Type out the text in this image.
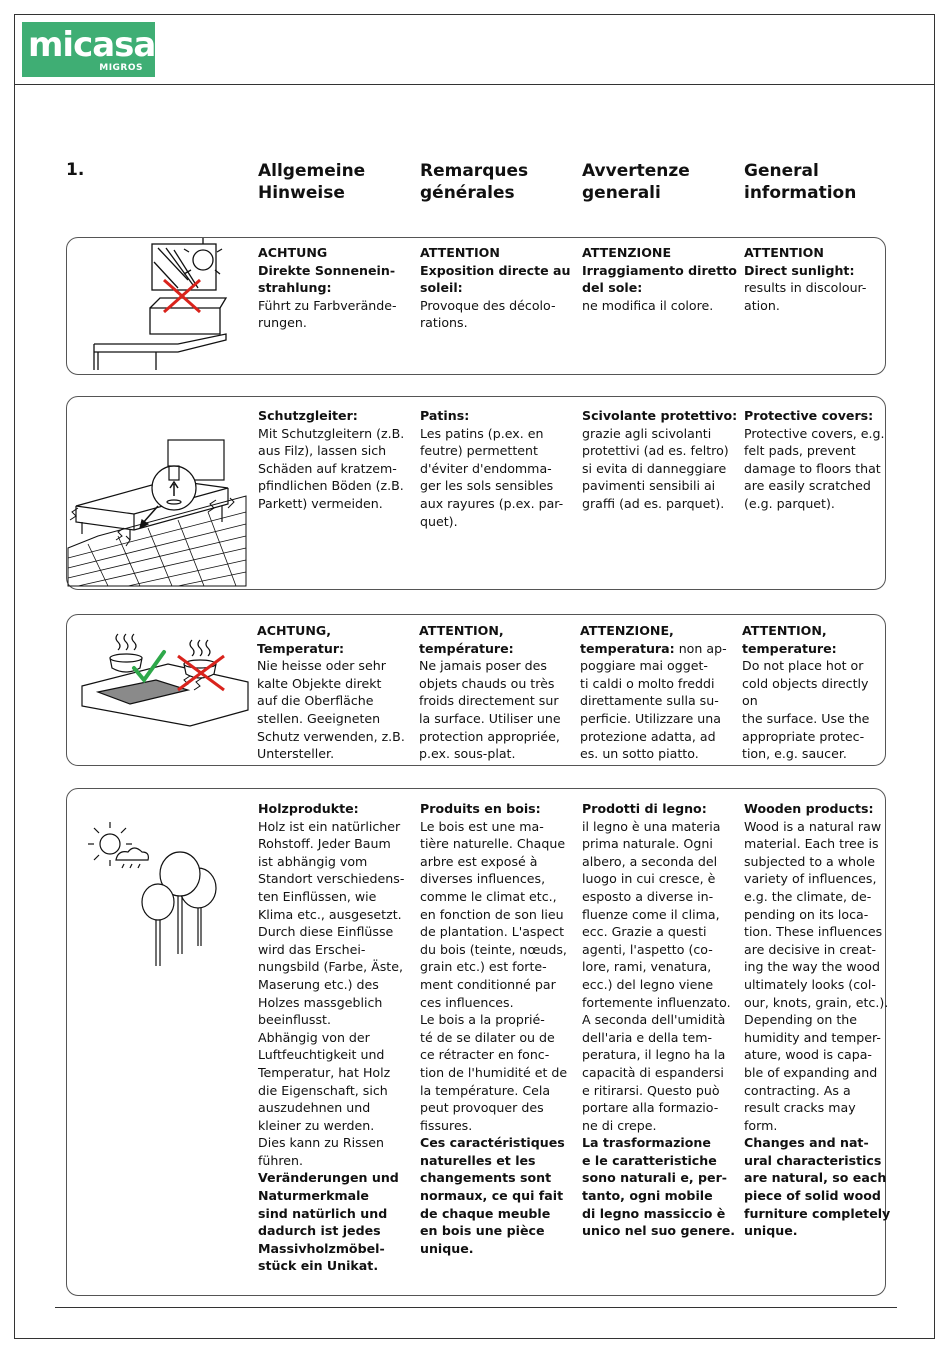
micasa
MIGROS
1.	Allgemeine
Hinweise
Remarques
générales
Avvertenze
generali
General
information
ACHTUNG
Direkte Sonnenein-
strahlung:
Führt zu Farbverände-
rungen.
ATTENTION
Exposition directe au
soleil:
Provoque des décolo-
rations.
ATTENZIONE
Irraggiamento diretto
del sole:
ne modifica il colore.
ATTENTION
Direct sunlight:
results in discolour-
ation.
Schutzgleiter:
Mit Schutzgleitern (z.B.
aus Filz), lassen sich
Schäden auf kratzem-
pfindlichen Böden (z.B.
Parkett) vermeiden.
Patins:
Les patins (p.ex. en
feutre) permettent
d'éviter d'endomma-
ger les sols sensibles
aux rayures (p.ex. par-
quet).
Scivolante protettivo:
grazie agli scivolanti
protettivi (ad es. feltro)
si evita di danneggiare
pavimenti sensibili ai
graffi (ad es. parquet).
Protective covers:
Protective covers, e.g.
felt pads, prevent
damage to floors that
are easily scratched
(e.g. parquet).
ACHTUNG,
Temperatur:
Nie heisse oder sehr
kalte Objekte direkt
auf die Oberfläche
stellen. Geeigneten
Schutz verwenden, z.B.
Untersteller.
ATTENTION,
température:
Ne jamais poser des
objets chauds ou très
froids directement sur
la surface. Utiliser une
protection appropriée,
p.ex. sous-plat.
ATTENZIONE,
temperatura: non ap-
poggiare mai ogget-
ti caldi o molto freddi
direttamente sulla su-
perficie. Utilizzare una
protezione adatta, ad
es. un sotto piatto.
ATTENTION,
temperature:
Do not place hot or
cold objects directly on
the surface. Use the
appropriate protec-
tion, e.g. saucer.
Holzprodukte:
Holz ist ein natürlicher
Rohstoff. Jeder Baum
ist abhängig vom
Standort verschiedens-
ten Einflüssen, wie
Klima etc., ausgesetzt.
Durch diese Einflüsse
wird das Erschei-
nungsbild (Farbe, Äste,
Maserung etc.) des
Holzes massgeblich
beeinflusst.
Abhängig von der
Luftfeuchtigkeit und
Temperatur, hat Holz
die Eigenschaft, sich
auszudehnen und
kleiner zu werden.
Dies kann zu Rissen
führen.
Veränderungen und
Naturmerkmale
sind natürlich und
dadurch ist jedes
Massivholzmöbel-
stück ein Unikat.
Produits en bois:
Le bois est une ma-
tière naturelle. Chaque
arbre est exposé à
diverses influences,
comme le climat etc.,
en fonction de son lieu
de plantation. L'aspect
du bois (teinte, nœuds,
grain etc.) est forte-
ment conditionné par
ces influences.
Le bois a la proprié-
té de se dilater ou de
ce rétracter en fonc-
tion de l'humidité et de
la température. Cela
peut provoquer des
fissures.
Ces caractéristiques
naturelles et les
changements sont
normaux, ce qui fait
de chaque meuble
en bois une pièce
unique.
Prodotti di legno:
il legno è una materia
prima naturale. Ogni
albero, a seconda del
luogo in cui cresce, è
esposto a diverse in-
fluenze come il clima,
ecc. Grazie a questi
agenti, l'aspetto (co-
lore, rami, venatura,
ecc.) del legno viene
fortemente influenzato.
A seconda dell'umidità
dell'aria e della tem-
peratura, il legno ha la
capacità di espandersi
e ritirarsi. Questo può
portare alla formazio-
ne di crepe.
La trasformazione
e le caratteristiche
sono naturali e, per-
tanto, ogni mobile
di legno massiccio è
unico nel suo genere.
Wooden products:
Wood is a natural raw
material. Each tree is
subjected to a whole
variety of influences,
e.g. the climate, de-
pending on its loca-
tion. These influences
are decisive in creat-
ing the way the wood
ultimately looks (col-
our, knots, grain, etc.).
Depending on the
humidity and temper-
ature, wood is capa-
ble of expanding and
contracting. As a
result cracks may
form.
Changes and nat-
ural characteristics
are natural, so each
piece of solid wood
furniture completely
unique.
